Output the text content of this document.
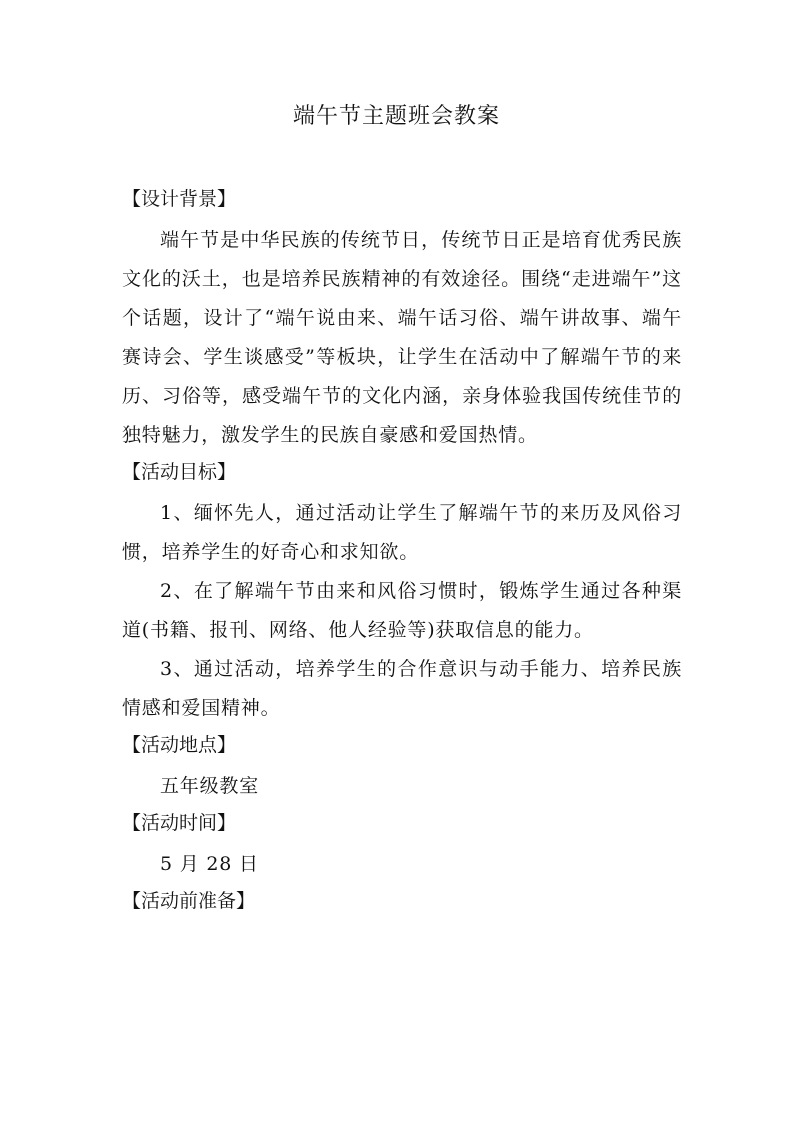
端午节主题班会教案
【设计背景】

端午节是中华民族的传统节日，传统节日正是培育优秀民族文化的沃土，也是培养民族精神的有效途径。围绕“走进端午”这个话题，设计了“端午说由来、端午话习俗、端午讲故事、端午赛诗会、学生谈感受”等板块，让学生在活动中了解端午节的来历、习俗等，感受端午节的文化内涵，亲身体验我国传统佳节的独特魅力，激发学生的民族自豪感和爱国热情。

【活动目标】

1、缅怀先人，通过活动让学生了解端午节的来历及风俗习惯，培养学生的好奇心和求知欲。

2、在了解端午节由来和风俗习惯时，锻炼学生通过各种渠道(书籍、报刊、网络、他人经验等)获取信息的能力。

3、通过活动，培养学生的合作意识与动手能力、培养民族情感和爱国精神。

【活动地点】

五年级教室

【活动时间】

5 月 28 日

【活动前准备】
